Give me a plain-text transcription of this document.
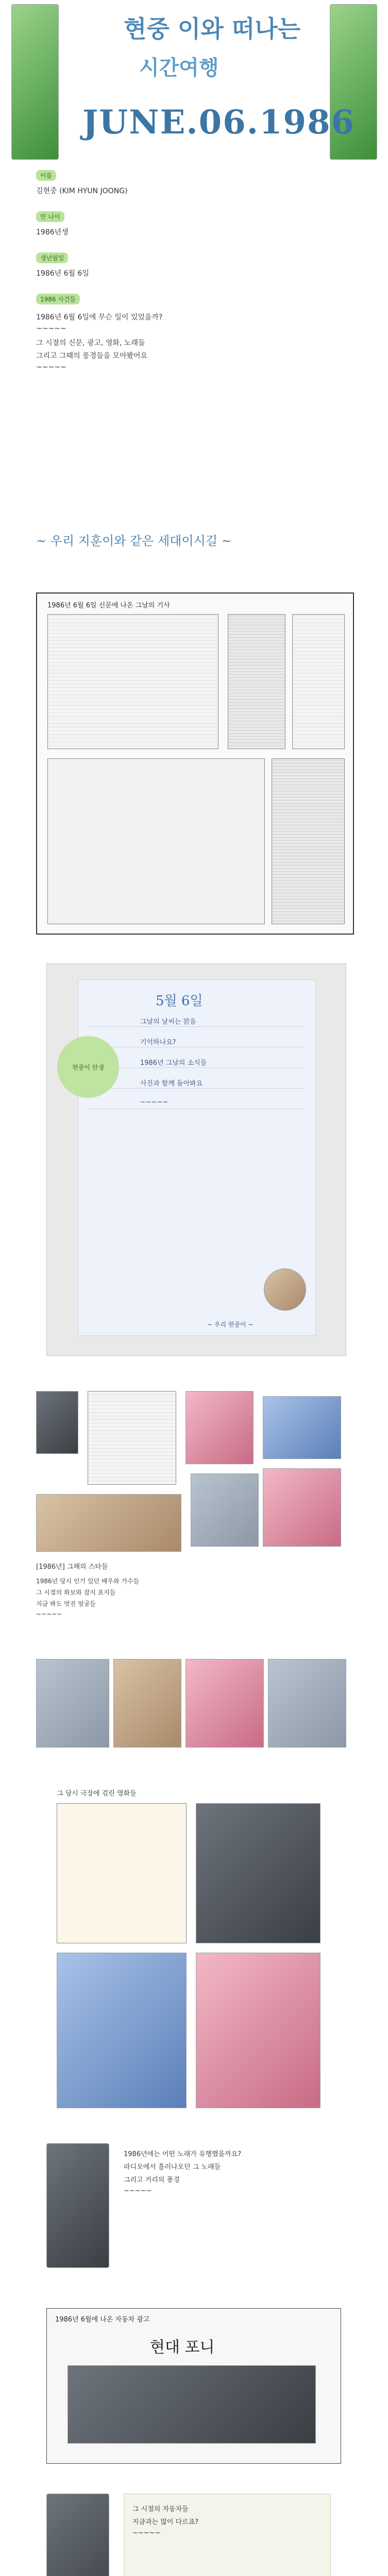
현중 이와 떠나는
시간여행
JUNE.06.1986
이름
김현중 (KIM HYUN JOONG)
만 나이
1986년생
생년월일
1986년 6월 6일
1986 사건들
1986년 6월 6일에 무슨 일이 있었을까?
~~~~~
그 시절의 신문, 광고, 영화, 노래들
그리고 그때의 풍경들을 모아봤어요
~~~~~
~ 우리 지훈이와 같은 세대이시길 ~
1986년 6월 6일 신문에 나온 그날의 기사
5월 6일
그날의 날씨는 맑음
기억하나요?
1986년 그날의 소식들
사진과 함께 돌아봐요
~~~~~
~ 우리 현중이 ~
현중이 탄생
[1986년] 그해의 스타들
1986년 당시 인기 있던 배우와 가수들
그 시절의 화보와 잡지 표지들
지금 봐도 멋진 얼굴들
~~~~~
그 당시 극장에 걸린 영화들
1986년에는 어떤 노래가 유행했을까요?
라디오에서 흘러나오던 그 노래들
그리고 거리의 풍경
~~~~~
1986년 6월에 나온 자동차 광고
현대 포니
그 시절의 자동차들
지금과는 많이 다르죠?
~~~~~
